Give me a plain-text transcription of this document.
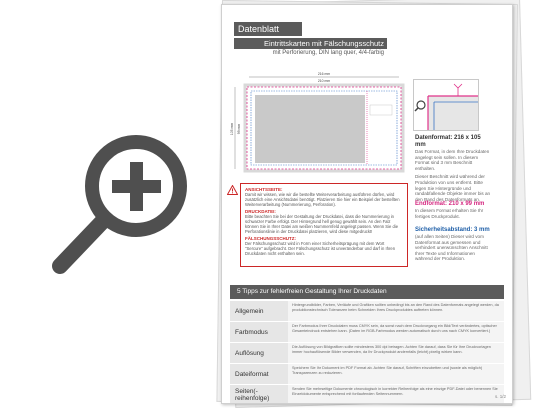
Datenblatt
Eintrittskarten mit Fälschungsschutz
mit Perforierung, DIN lang quer, 4/4-farbig
216 mm
210 mm
105 mm 99 mm
Datenformat: 216 x 105 mm
Das Format, in dem Ihre Druckdaten angelegt sein sollen. In diesem Format sind 3 mm Beschnitt enthalten.
Dieser Beschnitt wird während der Produktion von uns entfernt. Bitte legen Sie Hintergründe und randabfallende Objekte immer bis an den Rand des Datenformats an.
Endformat: 210 x 99 mm
In diesem Format erhalten Sie Ihr fertiges Druckprodukt.
Sicherheitsabstand: 3 mm
(auf allen Seiten) Dieser wird vom Datenformat aus gemessen und verhindert unerwünschten Anschnitt Ihrer Texte und Informationen während der Produktion.
ANSICHTSSEITE:
Damit wir wissen, wie wir die bestellte Weiterverarbeitung ausführen dürfen, wird zusätzlich eine Ansichtsdatei benötigt. Platzieren Sie hier ein Beispiel der bestellten Weiterverarbeitung (Nummerierung, Perforation).
DRUCKDATEI:
Bitte beachten Sie bei der Gestaltung der Druckdatei, dass die Nummerierung in schwarzer Farbe erfolgt. Der Hintergrund hell genug gewählt sein. An den Falz können Sie in Ihrer Datei am weißen Nummernfeld angelegt passen. Wenn Sie die Perforationslinie in der Druckdatei platzieren, wird diese mitgedruckt!
FÄLSCHUNGSSCHUTZ:
Der Fälschungsschutz wird in Form einer Sicherheitsprägung mit dem Wort "Sercure" aufgebracht. Der Fälschungsschutz ist unveränderbar und darf in Ihren Druckdaten nicht enthalten sein.
5 Tipps zur fehlerfreien Gestaltung Ihrer Druckdaten
Allgemein
Hintergrundbilder, Farben, Verläufe und Grafiken sollten unbedingt bis an den Rand des Datenformats angelegt werden, da produktionstechnisch Toleranzen beim Schneiden Ihres Druckproduktes auftreten können.
Farbmodus
Der Farbmodus Ihrer Druckdaten muss CMYK sein, da sonst nach dem Druckvorgang ein Bild/Text verändertes, optischer Gesamteindruck entstehen kann. (Daten im RGB-Farbmodus werden automatisch durch uns nach CMYK konvertiert.)
Auflösung
Die Auflösung von Bildgrafiken sollte mindestens 300 dpi betragen. Achten Sie darauf, dass Sie für Ihre Druckvorlagen immer hochauflösende Bilder verwenden, da Ihr Druckprodukt andernfalls (leicht) pixelig wirken kann.
Dateiformat
Speichern Sie Ihr Dokument im PDF Format ab. Achten Sie darauf, Schriften einzubetten und (sowie als möglich) Transparenzen zu reduzieren.
Seiten(-reihenfolge)
Senden Sie mehrseitige Dokumente chronologisch in korrekter Reihenfolge als eine einzige PDF-Datei oder benennen Sie Einzeldokumente entsprechend mit fortlaufenden Seitennummern.
s. 1/2
